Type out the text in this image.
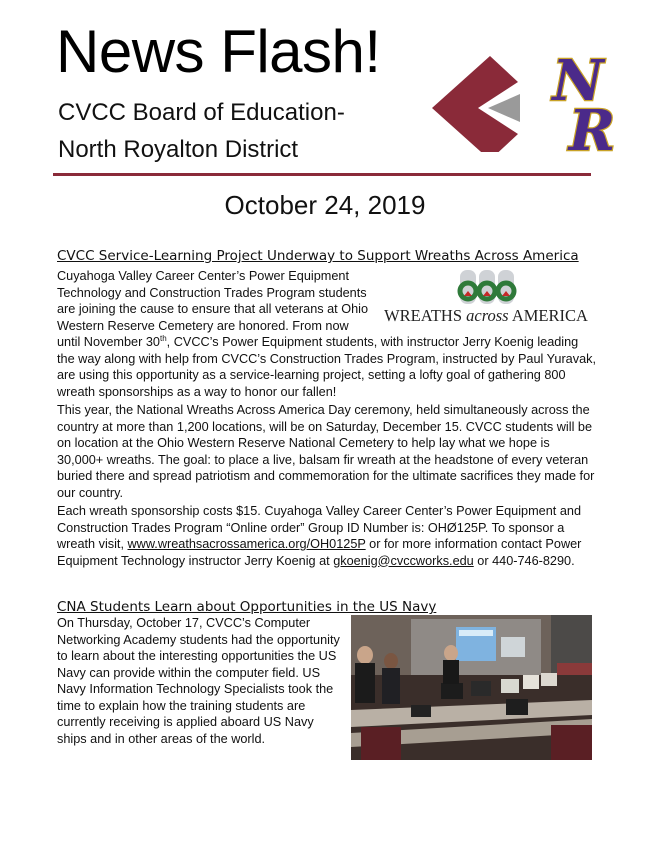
News Flash!
CVCC Board of Education-
North Royalton District
N
R
October 24, 2019
CVCC Service-Learning Project Underway to Support Wreaths Across America

Cuyahoga Valley Career Center’s Power Equipment Technology and Construction Trades Program students are joining the cause to ensure that all veterans at Ohio Western Reserve Cemetery are honored. From now

WREATHS across AMERICA

until November 30th, CVCC’s Power Equipment students, with instructor Jerry Koenig leading the way along with help from CVCC’s Construction Trades Program, instructed by Paul Yuravak, are using this opportunity as a service-learning project, setting a lofty goal of gathering 800 wreath sponsorships as a way to honor our fallen!

This year, the National Wreaths Across America Day ceremony, held simultaneously across the country at more than 1,200 locations, will be on Saturday, December 15. CVCC students will be on location at the Ohio Western Reserve National Cemetery to help lay what we hope is 30,000+ wreaths. The goal: to place a live, balsam fir wreath at the headstone of every veteran buried there and spread patriotism and commemoration for the ultimate sacrifices they made for our country.

Each wreath sponsorship costs $15. Cuyahoga Valley Career Center’s Power Equipment and Construction Trades Program “Online order” Group ID Number is: OHØ125P. To sponsor a wreath visit, www.wreathsacrossamerica.org/OH0125P or for more information contact Power Equipment Technology instructor Jerry Koenig at gkoenig@cvccworks.edu or 440-746-8290.

CNA Students Learn about Opportunities in the US Navy

On Thursday, October 17, CVCC’s Computer Networking Academy students had the opportunity to learn about the interesting opportunities the US Navy can provide within the computer field. US Navy Information Technology Specialists took the time to explain how the training students are currently receiving is applied aboard US Navy ships and in other areas of the world.
